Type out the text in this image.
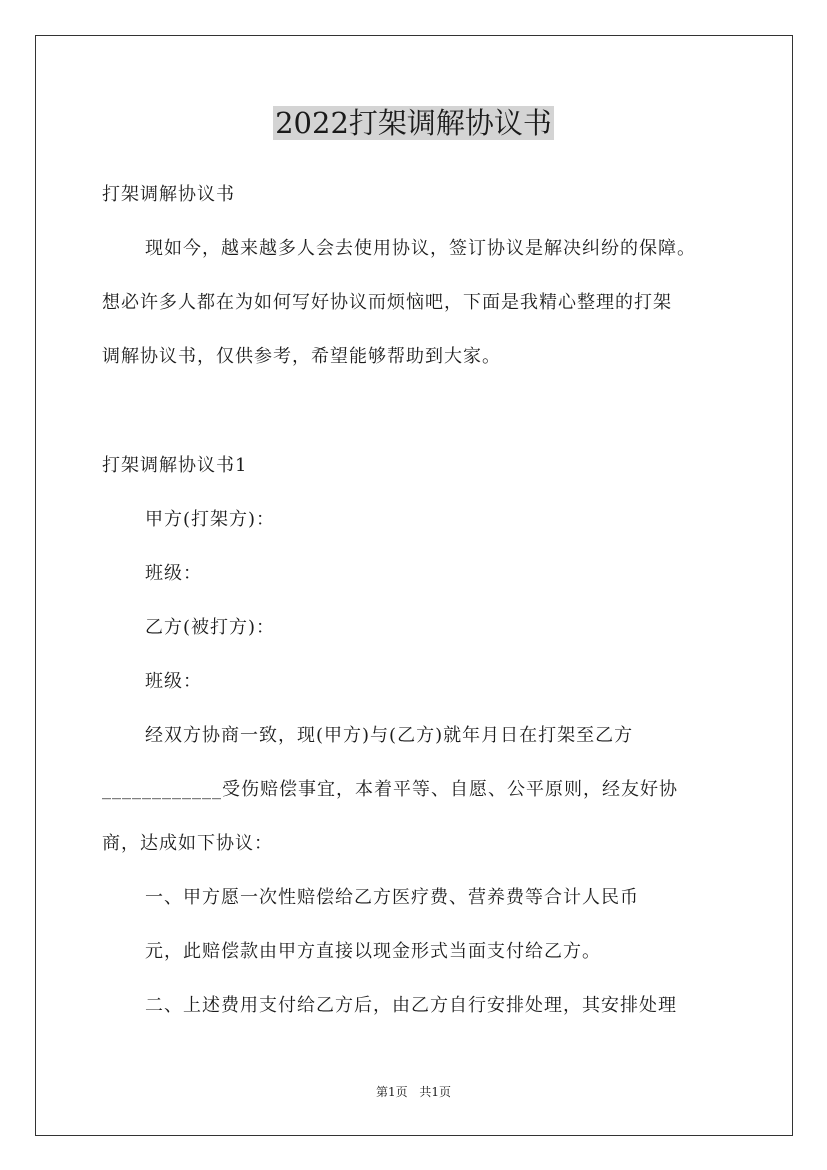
2022打架调解协议书
打架调解协议书
现如今，越来越多人会去使用协议，签订协议是解决纠纷的保障。
想必许多人都在为如何写好协议而烦恼吧，下面是我精心整理的打架
调解协议书，仅供参考，希望能够帮助到大家。
打架调解协议书1
甲方(打架方)：
班级：
乙方(被打方)：
班级：
经双方协商一致，现(甲方)与(乙方)就年月日在打架至乙方
____________受伤赔偿事宜，本着平等、自愿、公平原则，经友好协
商，达成如下协议：
一、甲方愿一次性赔偿给乙方医疗费、营养费等合计人民币
元，此赔偿款由甲方直接以现金形式当面支付给乙方。
二、上述费用支付给乙方后，由乙方自行安排处理，其安排处理
第1页 共1页
